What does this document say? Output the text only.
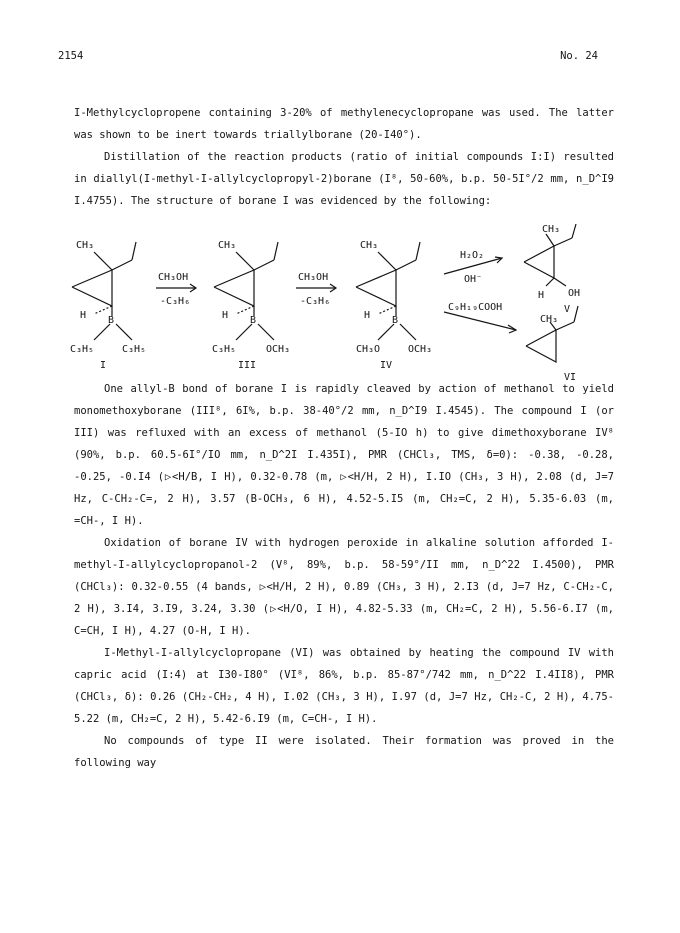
2154	No. 24

I-Methylcyclopropene containing 3-20% of methylenecyclopropane was used. The latter was shown to be inert towards triallylborane (20-I40°).

Distillation of the reaction products (ratio of initial compounds I:I) resulted in diallyl(I-methyl-I-allylcyclopropyl-2)borane (I⁸, 50-60%, b.p. 50-5I°/2 mm, n_D^I9 I.4755). The structure of borane I was evidenced by the following:

CH₃
B
H
C₃H₅	C₃H₅
I
CH₃OH
-C₃H₆
CH₃
B
H
C₃H₅	OCH₃
III
CH₃OH
-C₃H₆
CH₃
B
H
CH₃O	OCH₃
IV
H₂O₂
OH⁻
C₉H₁₉COOH
CH₃
OH
H
V
CH₃
VI

One allyl-B bond of borane I is rapidly cleaved by action of methanol to yield monomethoxyborane (III⁸, 6I%, b.p. 38-40°/2 mm, n_D^I9 I.4545). The compound I (or III) was refluxed with an excess of methanol (5-IO h) to give dimethoxyborane IV⁸ (90%, b.p. 60.5-6I°/IO mm, n_D^2I I.435I), PMR (CHCl₃, TMS, δ=0): -0.38, -0.28, -0.25, -0.I4 (▷<H/B, I H), 0.32-0.78 (m, ▷<H/H, 2 H), I.IO (CH₃, 3 H), 2.08 (d, J=7 Hz, C-CH₂-C=, 2 H), 3.57 (B-OCH₃, 6 H), 4.52-5.I5 (m, CH₂=C, 2 H), 5.35-6.03 (m, =CH-, I H).

Oxidation of borane IV with hydrogen peroxide in alkaline solution afforded I-methyl-I-allylcyclopropanol-2 (V⁸, 89%, b.p. 58-59°/II mm, n_D^22 I.4500), PMR (CHCl₃): 0.32-0.55 (4 bands, ▷<H/H, 2 H), 0.89 (CH₃, 3 H), 2.I3 (d, J=7 Hz, C-CH₂-C, 2 H), 3.I4, 3.I9, 3.24, 3.30 (▷<H/O, I H), 4.82-5.33 (m, CH₂=C, 2 H), 5.56-6.I7 (m, C=CH, I H), 4.27 (O-H, I H).

I-Methyl-I-allylcyclopropane (VI) was obtained by heating the compound IV with capric acid (I:4) at I30-I80° (VI⁸, 86%, b.p. 85-87°/742 mm, n_D^22 I.4II8), PMR (CHCl₃, δ): 0.26 (CH₂-CH₂, 4 H), I.02 (CH₃, 3 H), I.97 (d, J=7 Hz, CH₂-C, 2 H), 4.75-5.22 (m, CH₂=C, 2 H), 5.42-6.I9 (m, C=CH-, I H).

No compounds of type II were isolated. Their formation was proved in the following way
